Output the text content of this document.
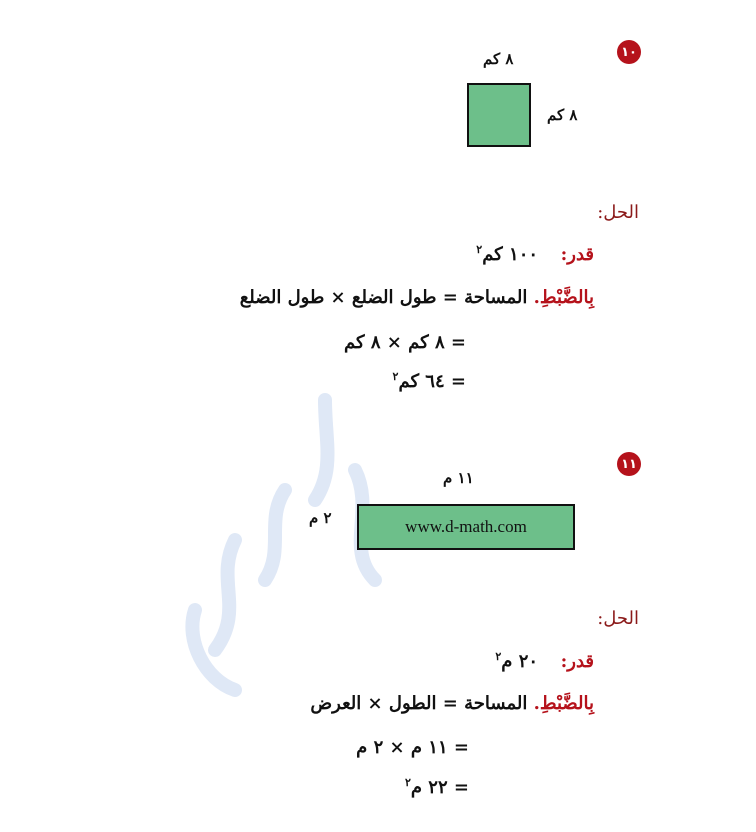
١٠
٨ كم
٨ كم
الحل:
قدر:  ١٠٠ كم$^٢$
بِالضَّبْطِ. المساحة = طول الضلع × طول الضلع
= ٨ كم × ٨ كم
= ٦٤ كم$^٢$
١١
١١ م
٢ م	www.d-math.com
الحل:
قدر:  ٢٠ م$^٢$
بِالضَّبْطِ. المساحة = الطول × العرض
= ١١ م × ٢ م
= ٢٢ م$^٢$
